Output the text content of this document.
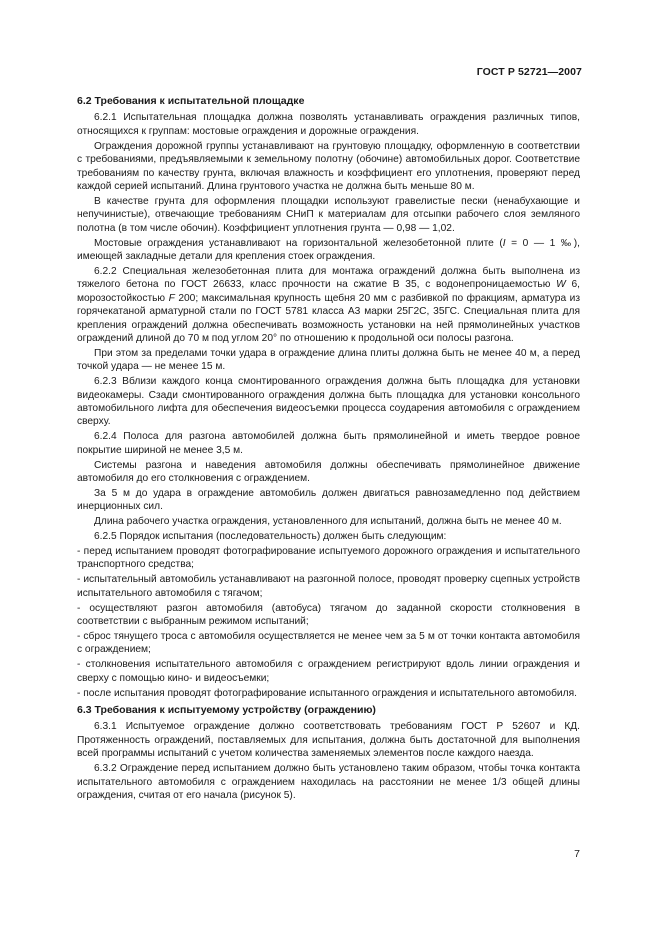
ГОСТ Р 52721—2007
6.2 Требования к испытательной площадке

6.2.1 Испытательная площадка должна позволять устанавливать ограждения различных типов, относящихся к группам: мостовые ограждения и дорожные ограждения.

Ограждения дорожной группы устанавливают на грунтовую площадку, оформленную в соответствии с требованиями, предъявляемыми к земельному полотну (обочине) автомобильных дорог. Соответствие требованиям по качеству грунта, включая влажность и коэффициент его уплотнения, проверяют перед каждой серией испытаний. Длина грунтового участка не должна быть меньше 80 м.

В качестве грунта для оформления площадки используют гравелистые пески (ненабухающие и непучинистые), отвечающие требованиям СНиП к материалам для отсыпки рабочего слоя земляного полотна (в том числе обочин). Коэффициент уплотнения грунта — 0,98 — 1,02.

Мостовые ограждения устанавливают на горизонтальной железобетонной плите (I = 0 — 1 ‰), имеющей закладные детали для крепления стоек ограждения.

6.2.2 Специальная железобетонная плита для монтажа ограждений должна быть выполнена из тяжелого бетона по ГОСТ 26633, класс прочности на сжатие В 35, с водонепроницаемостью W 6, морозостойкостью F 200; максимальная крупность щебня 20 мм с разбивкой по фракциям, арматура из горячекатаной арматурной стали по ГОСТ 5781 класса А3 марки 25Г2С, 35ГС. Специальная плита для крепления ограждений должна обеспечивать возможность установки на ней прямолинейных участков ограждений длиной до 70 м под углом 20° по отношению к продольной оси полосы разгона.

При этом за пределами точки удара в ограждение длина плиты должна быть не менее 40 м, а перед точкой удара — не менее 15 м.

6.2.3 Вблизи каждого конца смонтированного ограждения должна быть площадка для установки видеокамеры. Сзади смонтированного ограждения должна быть площадка для установки консольного автомобильного лифта для обеспечения видеосъемки процесса соударения автомобиля с ограждением сверху.

6.2.4 Полоса для разгона автомобилей должна быть прямолинейной и иметь твердое ровное покрытие шириной не менее 3,5 м.

Системы разгона и наведения автомобиля должны обеспечивать прямолинейное движение автомобиля до его столкновения с ограждением.

За 5 м до удара в ограждение автомобиль должен двигаться равнозамедленно под действием инерционных сил.

Длина рабочего участка ограждения, установленного для испытаний, должна быть не менее 40 м.

6.2.5 Порядок испытания (последовательность) должен быть следующим:

- перед испытанием проводят фотографирование испытуемого дорожного ограждения и испытательного транспортного средства;

- испытательный автомобиль устанавливают на разгонной полосе, проводят проверку сцепных устройств испытательного автомобиля с тягачом;

- осуществляют разгон автомобиля (автобуса) тягачом до заданной скорости столкновения в соответствии с выбранным режимом испытаний;

- сброс тянущего троса с автомобиля осуществляется не менее чем за 5 м от точки контакта автомобиля с ограждением;

- столкновения испытательного автомобиля с ограждением регистрируют вдоль линии ограждения и сверху с помощью кино- и видеосъемки;

- после испытания проводят фотографирование испытанного ограждения и испытательного автомобиля.

6.3 Требования к испытуемому устройству (ограждению)

6.3.1 Испытуемое ограждение должно соответствовать требованиям ГОСТ Р 52607 и КД. Протяженность ограждений, поставляемых для испытания, должна быть достаточной для выполнения всей программы испытаний с учетом количества заменяемых элементов после каждого наезда.

6.3.2 Ограждение перед испытанием должно быть установлено таким образом, чтобы точка контакта испытательного автомобиля с ограждением находилась на расстоянии не менее 1/3 общей длины ограждения, считая от его начала (рисунок 5).

7
